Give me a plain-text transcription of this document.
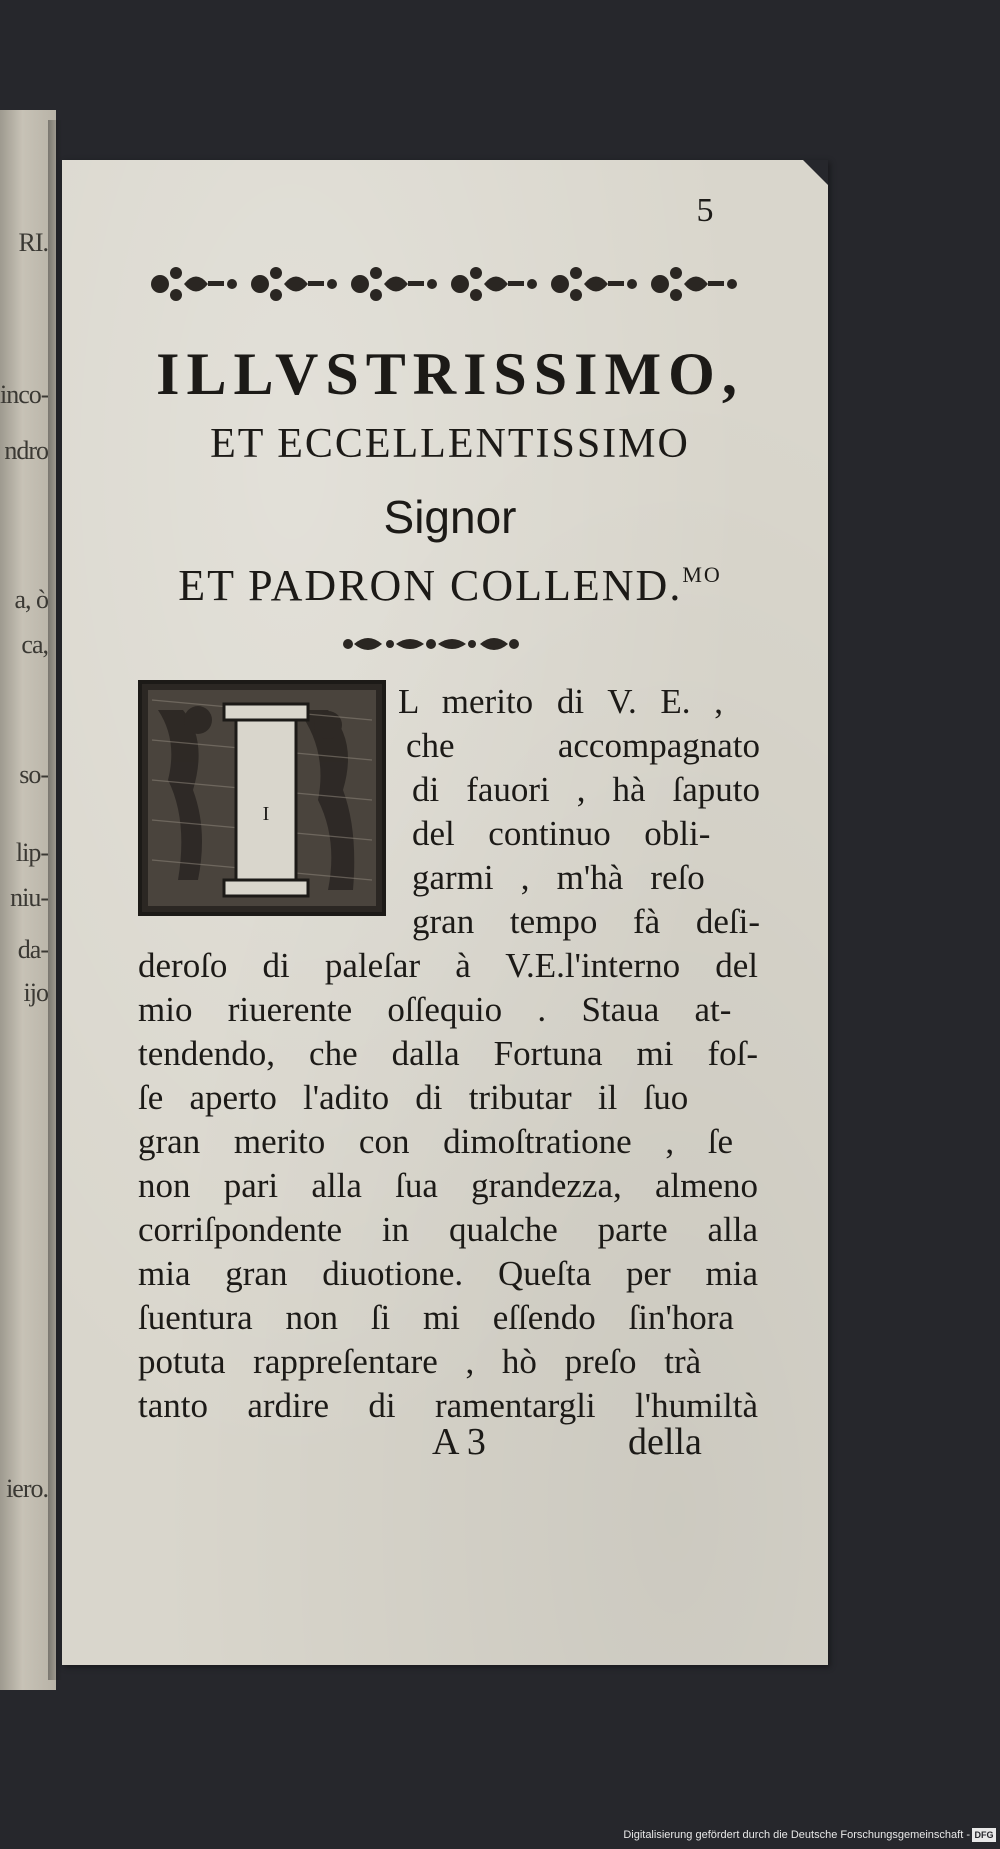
RI.
inco-
ndro
a, ò
ca,
so-
lip-
niu-
da-
ijo
iero.
5
ILLVSTRISSIMO,
ET ECCELLENTISSIMO
Signor
ET PADRON COLLEND.$^{MO}$
I
L merito di V. E. ,
che accompagnato
di fauori , hà ſaputo
del continuo obli-
garmi , m'hà reſo
gran tempo fà deſi-
deroſo di paleſar à V.E.l'interno del
mio riuerente oſſequio . Staua at-
tendendo, che dalla Fortuna mi foſ-
ſe aperto l'adito di tributar il ſuo
gran merito con dimoſtratione , ſe
non pari alla ſua grandezza, almeno
corriſpondente in qualche parte alla
mia gran diuotione. Queſta per mia
ſuentura non ſi mi eſſendo ſin'hora
potuta rappreſentare , hò preſo trà
tanto ardire di ramentargli l'humiltà
A 3	della
Digitalisierung gefördert durch die Deutsche Forschungsgemeinschaft - DFG
